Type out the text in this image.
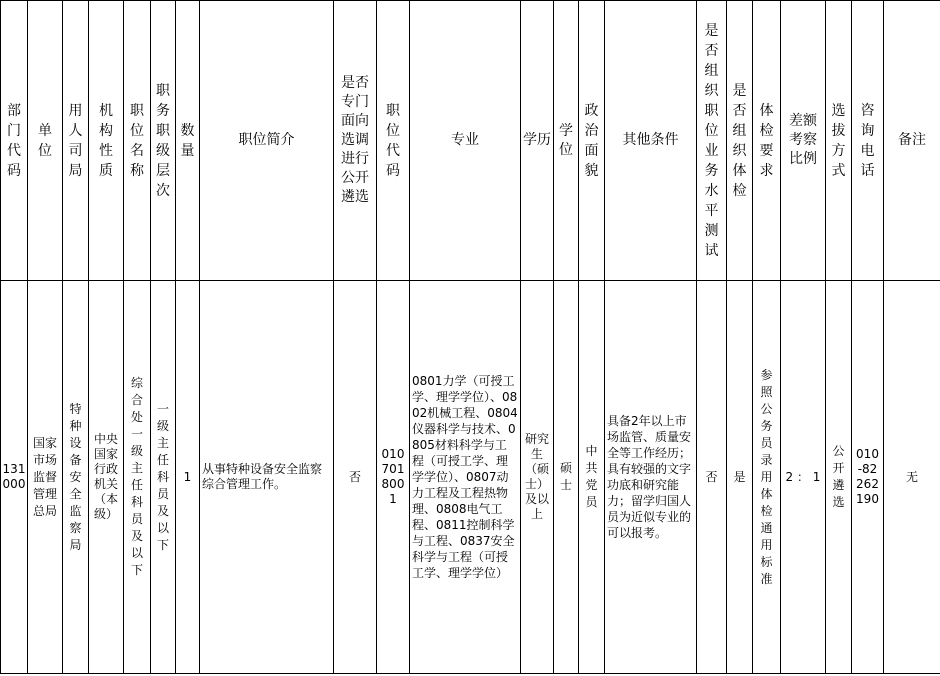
部门代码	单位	用人司局	机构性质	职位名称	职务职级层次	数量	职位简介	是否专门面向选调进行公开遴选	职位代码	专业	学历	学位	政治面貌	其他条件	是否组织职位业务水平测试	是否组织体检	体检要求	差额考察比例	选拔方式	咨询电话	备注

131000	国家市场监督管理总局	特种设备安全监察局	中央国家行政机关（本级）	综合处一级主任科员及以下	一级主任科员及以下	1	从事特种设备安全监察综合管理工作。	否	010701800 1	0801力学（可授工学、理学学位）、0802机械工程、0804仪器科学与技术、0805材料科学与工程（可授工学、理学学位）、0807动力工程及工程热物理、0808电气工程、0811控制科学与工程、0837安全科学与工程（可授工学、理学学位）	研究生（硕士）及以上	硕士	中共党员	具备2年以上市场监管、质量安全等工作经历；具有较强的文字功底和研究能力；留学归国人员为近似专业的可以报考。	否	是	参照公务员录用体检通用标准	2 ： 1	公开遴选	010-82262190	无
